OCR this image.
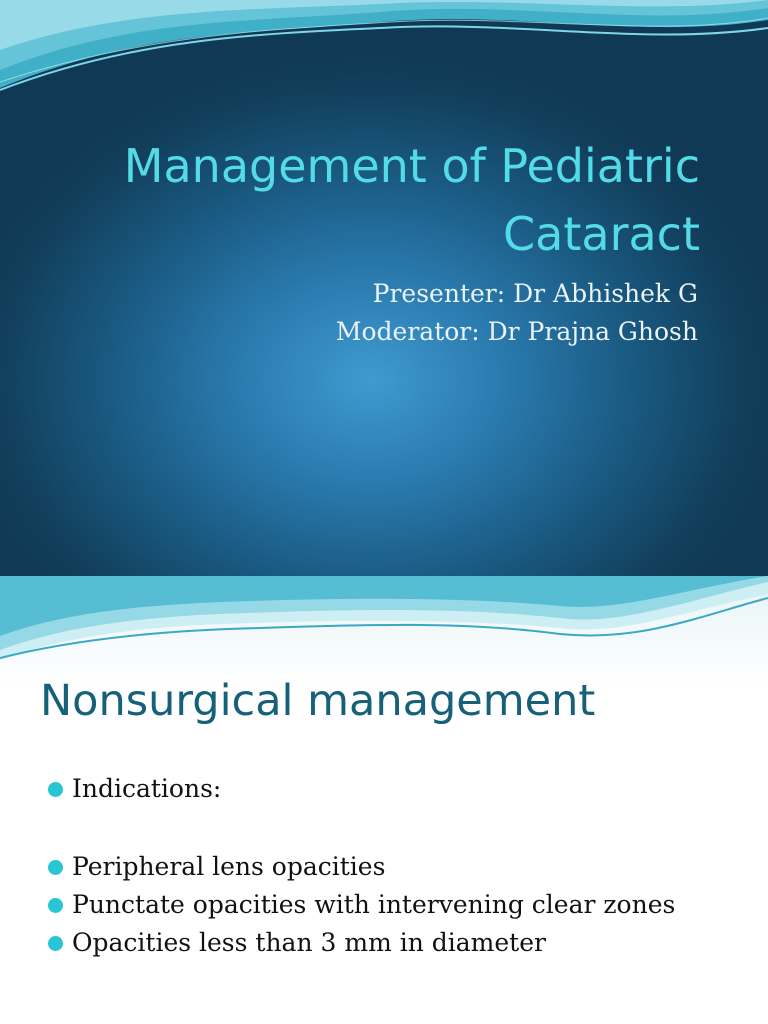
Management of Pediatric Cataract
Presenter: Dr Abhishek G
Moderator: Dr Prajna Ghosh
Nonsurgical management
Indications:
Peripheral lens opacities
Punctate opacities with intervening clear zones
Opacities less than 3 mm in diameter
